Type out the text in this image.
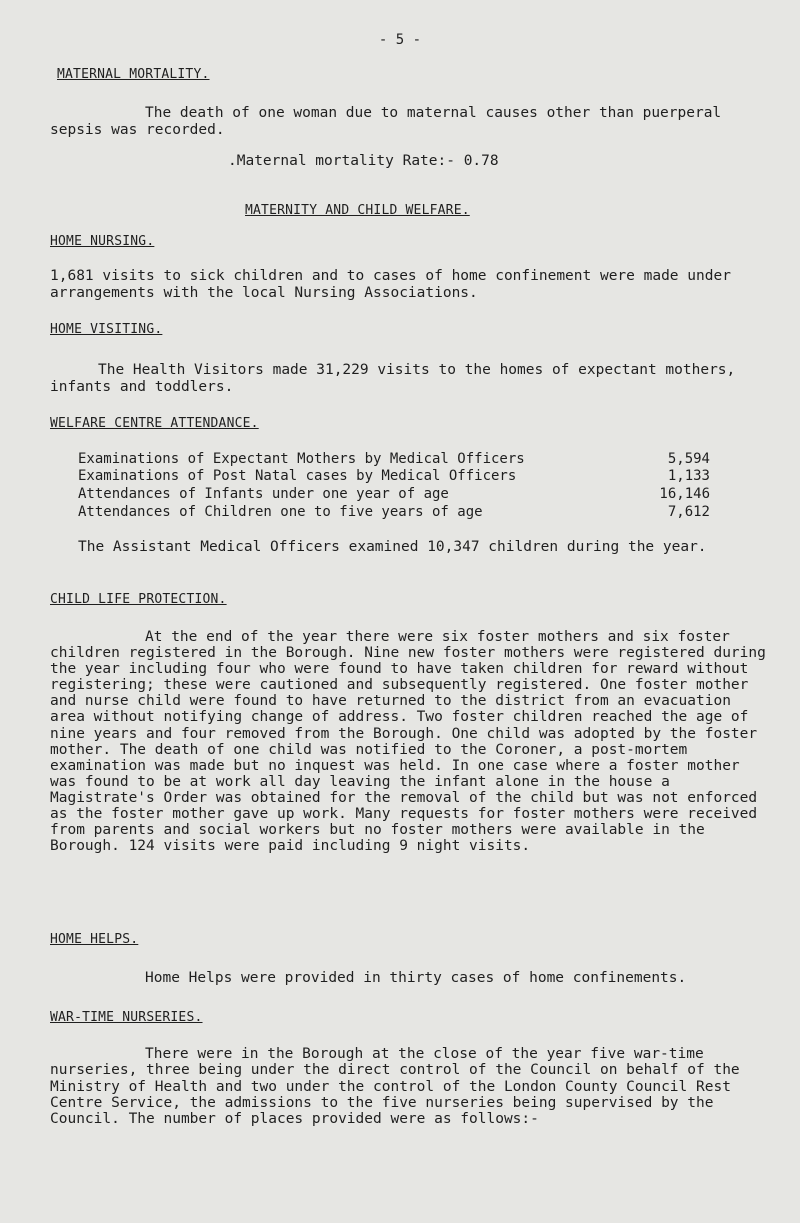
- 5 -
MATERNAL MORTALITY.
The death of one woman due to maternal causes other than puerperal sepsis was recorded.
.Maternal mortality Rate:- 0.78
MATERNITY AND CHILD WELFARE.
HOME NURSING.
1,681 visits to sick children and to cases of home confinement were made under arrangements with the local Nursing Associations.
HOME VISITING.
The Health Visitors made 31,229 visits to the homes of expectant mothers, infants and toddlers.
WELFARE CENTRE ATTENDANCE.
Examinations of Expectant Mothers by Medical Officers	5,594
Examinations of Post Natal cases by Medical Officers	1,133
Attendances of Infants under one year of age	16,146
Attendances of Children one to five years of age	7,612
The Assistant Medical Officers examined 10,347 children during the year.
CHILD LIFE PROTECTION.
At the end of the year there were six foster mothers and six foster children registered in the Borough. Nine new foster mothers were registered during the year including four who were found to have taken children for reward without registering; these were cautioned and subsequently registered. One foster mother and nurse child were found to have returned to the district from an evacuation area without notifying change of address. Two foster children reached the age of nine years and four removed from the Borough. One child was adopted by the foster mother. The death of one child was notified to the Coroner, a post-mortem examination was made but no inquest was held. In one case where a foster mother was found to be at work all day leaving the infant alone in the house a Magistrate's Order was obtained for the removal of the child but was not enforced as the foster mother gave up work. Many requests for foster mothers were received from parents and social workers but no foster mothers were available in the Borough. 124 visits were paid including 9 night visits.
HOME HELPS.
Home Helps were provided in thirty cases of home confinements.
WAR-TIME NURSERIES.
There were in the Borough at the close of the year five war-time nurseries, three being under the direct control of the Council on behalf of the Ministry of Health and two under the control of the London County Council Rest Centre Service, the admissions to the five nurseries being supervised by the Council. The number of places provided were as follows:-
